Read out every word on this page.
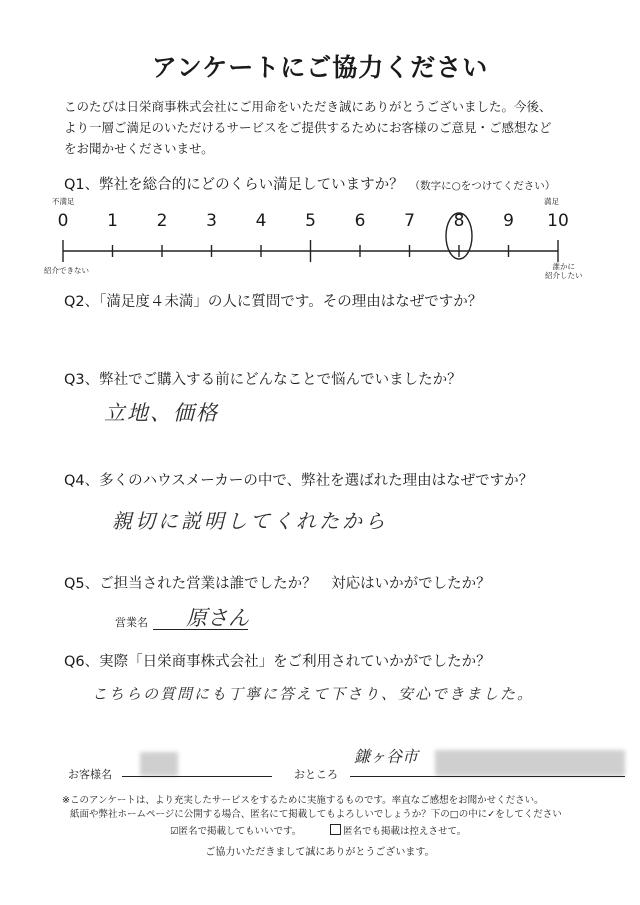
アンケートにご協力ください
このたびは日栄商事株式会社にご用命をいただき誠にありがとうございました。今後、
より一層ご満足のいただけるサービスをご提供するためにお客様のご意見・ご感想など
をお聞かせくださいませ。
Q1、弊社を総合的にどのくらい満足していますか？ （数字に○をつけてください）
不満足	満足
紹介できない	誰かに
紹介したい
0	1	2	3	4	5	6	7	8	9	10
Q2、「満足度４未満」の人に質問です。その理由はなぜですか？
Q3、弊社でご購入する前にどんなことで悩んでいましたか？
立地、価格
Q4、多くのハウスメーカーの中で、弊社を選ばれた理由はなぜですか？
親切に説明してくれたから
Q5、ご担当された営業は誰でしたか？　対応はいかがでしたか？
営業名 原さん
Q6、実際「日栄商事株式会社」をご利用されていかがでしたか？
こちらの質問にも丁寧に答えて下さり、安心できました。
お客様名	おところ
鎌ヶ谷市
※このアンケートは、より充実したサービスをするために実施するものです。率直なご感想をお聞かせください。
紙面や弊社ホームページに公開する場合、匿名にて掲載してもよろしいでしょうか？下の□の中に✓をしてください
☑匿名で掲載してもいいです。	匿名でも掲載は控えさせて。
ご協力いただきまして誠にありがとうございます。
